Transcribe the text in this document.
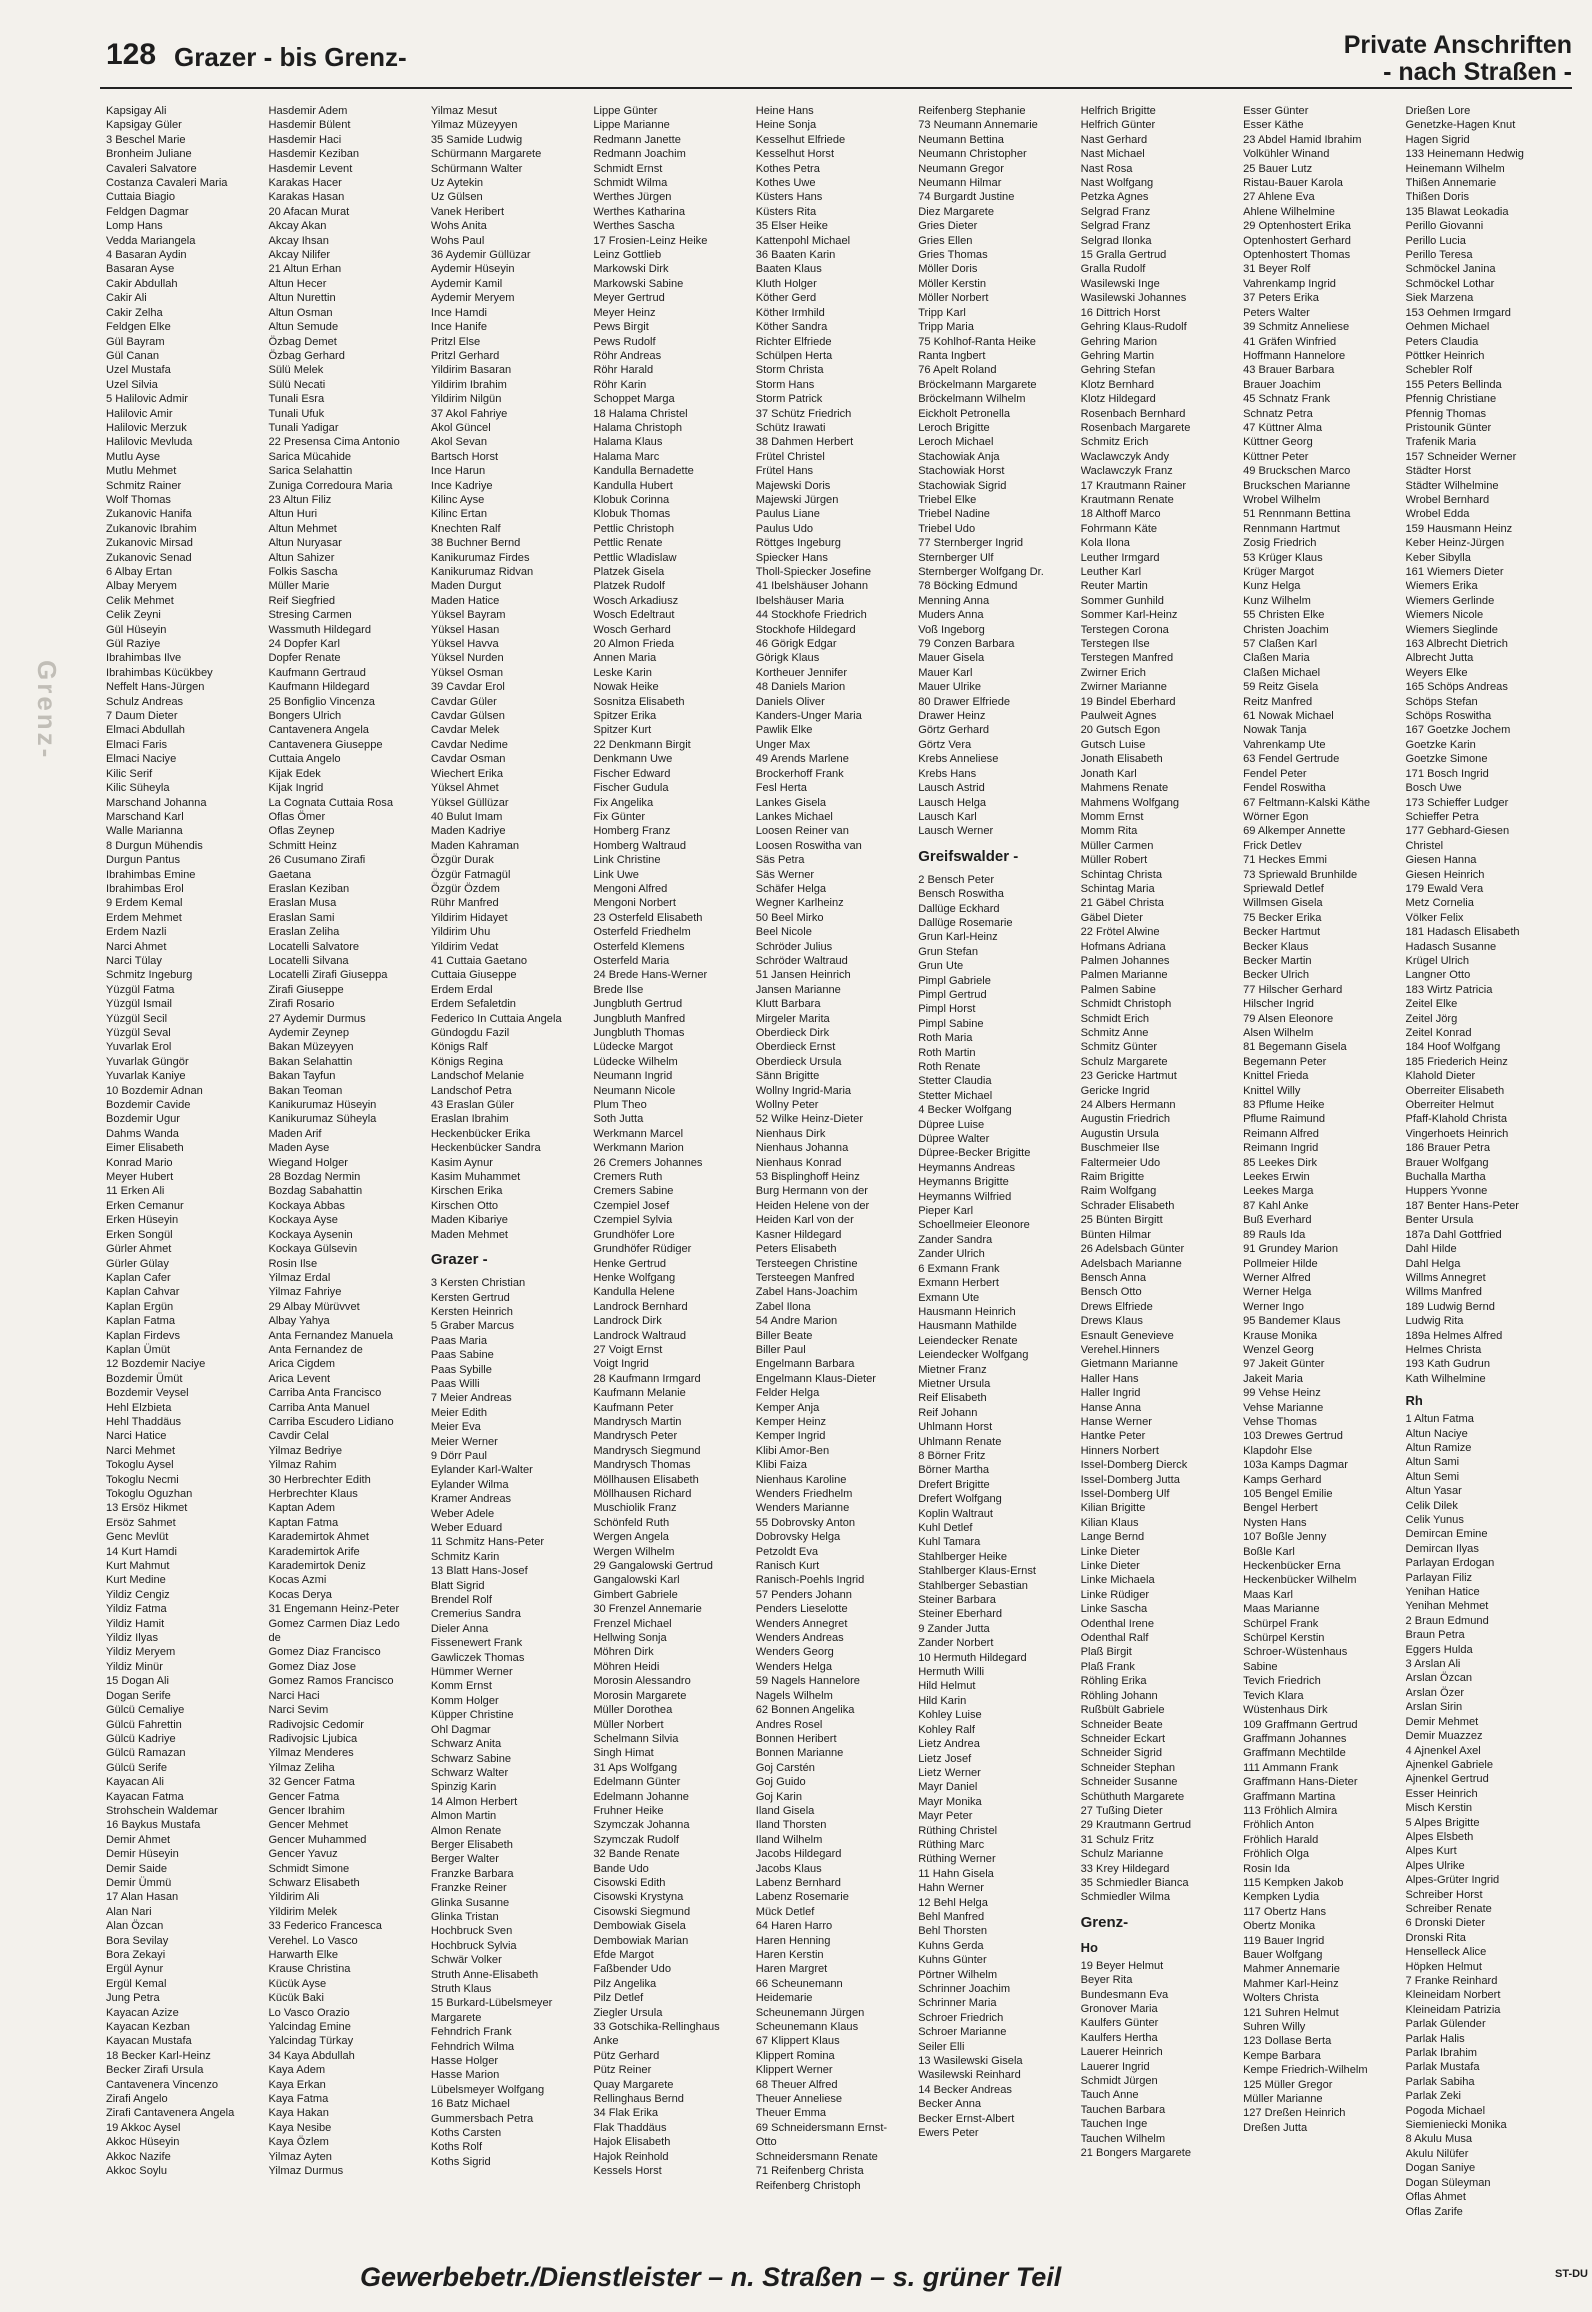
Grenz-
128 Grazer - bis Grenz-	Private Anschriften
- nach Straßen -
Kapsigay Ali
Kapsigay Güler
3 Beschel Marie
Bronheim Juliane
Cavaleri Salvatore
Costanza Cavaleri Maria
Cuttaia Biagio
Feldgen Dagmar
Lomp Hans
Vedda Mariangela
4 Basaran Aydin
Basaran Ayse
Cakir Abdullah
Cakir Ali
Cakir Zelha
Feldgen Elke
Gül Bayram
Gül Canan
Uzel Mustafa
Uzel Silvia
5 Halilovic Admir
Halilovic Amir
Halilovic Merzuk
Halilovic Mevluda
Mutlu Ayse
Mutlu Mehmet
Schmitz Rainer
Wolf Thomas
Zukanovic Hanifa
Zukanovic Ibrahim
Zukanovic Mirsad
Zukanovic Senad
6 Albay Ertan
Albay Meryem
Celik Mehmet
Celik Zeyni
Gül Hüseyin
Gül Raziye
Ibrahimbas Ilve
Ibrahimbas Kücükbey
Neffelt Hans-Jürgen
Schulz Andreas
7 Daum Dieter
Elmaci Abdullah
Elmaci Faris
Elmaci Naciye
Kilic Serif
Kilic Süheyla
Marschand Johanna
Marschand Karl
Walle Marianna
8 Durgun Mühendis
Durgun Pantus
Ibrahimbas Emine
Ibrahimbas Erol
9 Erdem Kemal
Erdem Mehmet
Erdem Nazli
Narci Ahmet
Narci Tülay
Schmitz Ingeburg
Yüzgül Fatma
Yüzgül Ismail
Yüzgül Secil
Yüzgül Seval
Yuvarlak Erol
Yuvarlak Güngör
Yuvarlak Kaniye
10 Bozdemir Adnan
Bozdemir Cavide
Bozdemir Ugur
Dahms Wanda
Eimer Elisabeth
Konrad Mario
Meyer Hubert
11 Erken Ali
Erken Cemanur
Erken Hüseyin
Erken Songül
Gürler Ahmet
Gürler Gülay
Kaplan Cafer
Kaplan Cahvar
Kaplan Ergün
Kaplan Fatma
Kaplan Firdevs
Kaplan Ümüt
12 Bozdemir Naciye
Bozdemir Ümüt
Bozdemir Veysel
Hehl Elzbieta
Hehl Thaddäus
Narci Hatice
Narci Mehmet
Tokoglu Aysel
Tokoglu Necmi
Tokoglu Oguzhan
13 Ersöz Hikmet
Ersöz Sahmet
Genc Mevlüt
14 Kurt Hamdi
Kurt Mahmut
Kurt Medine
Yildiz Cengiz
Yildiz Fatma
Yildiz Hamit
Yildiz Ilyas
Yildiz Meryem
Yildiz Minür
15 Dogan Ali
Dogan Serife
Gülcü Cemaliye
Gülcü Fahrettin
Gülcü Kadriye
Gülcü Ramazan
Gülcü Serife
Kayacan Ali
Kayacan Fatma
Strohschein Waldemar
16 Baykus Mustafa
Demir Ahmet
Demir Hüseyin
Demir Saide
Demir Ümmü
17 Alan Hasan
Alan Nari
Alan Özcan
Bora Sevilay
Bora Zekayi
Ergül Aynur
Ergül Kemal
Jung Petra
Kayacan Azize
Kayacan Kezban
Kayacan Mustafa
18 Becker Karl-Heinz
Becker Zirafi Ursula
Cantavenera Vincenzo
Zirafi Angelo
Zirafi Cantavenera Angela
19 Akkoc Aysel
Akkoc Hüseyin
Akkoc Nazife
Akkoc Soylu
Hasdemir Adem
Hasdemir Bülent
Hasdemir Haci
Hasdemir Keziban
Hasdemir Levent
Karakas Hacer
Karakas Hasan
20 Afacan Murat
Akcay Akan
Akcay Ihsan
Akcay Nilifer
21 Altun Erhan
Altun Hecer
Altun Nurettin
Altun Osman
Altun Semude
Özbag Demet
Özbag Gerhard
Sülü Melek
Sülü Necati
Tunali Esra
Tunali Ufuk
Tunali Yadigar
22 Presensa Cima Antonio
Sarica Mücahide
Sarica Selahattin
Zuniga Corredoura Maria
23 Altun Filiz
Altun Huri
Altun Mehmet
Altun Nuryasar
Altun Sahizer
Folkis Sascha
Müller Marie
Reif Siegfried
Stresing Carmen
Wassmuth Hildegard
24 Dopfer Karl
Dopfer Renate
Kaufmann Gertraud
Kaufmann Hildegard
25 Bonfiglio Vincenza
Bongers Ulrich
Cantavenera Angela
Cantavenera Giuseppe
Cuttaia Angelo
Kijak Edek
Kijak Ingrid
La Cognata Cuttaia Rosa
Oflas Ömer
Oflas Zeynep
Schmitt Heinz
26 Cusumano Zirafi
Gaetana
Eraslan Keziban
Eraslan Musa
Eraslan Sami
Eraslan Zeliha
Locatelli Salvatore
Locatelli Silvana
Locatelli Zirafi Giuseppa
Zirafi Giuseppe
Zirafi Rosario
27 Aydemir Durmus
Aydemir Zeynep
Bakan Müzeyyen
Bakan Selahattin
Bakan Tayfun
Bakan Teoman
Kanikurumaz Hüseyin
Kanikurumaz Süheyla
Maden Arif
Maden Ayse
Wiegand Holger
28 Bozdag Nermin
Bozdag Sabahattin
Kockaya Abbas
Kockaya Ayse
Kockaya Aysenin
Kockaya Gülsevin
Rosin Ilse
Yilmaz Erdal
Yilmaz Fahriye
29 Albay Mürüvvet
Albay Yahya
Anta Fernandez Manuela
Anta Fernandez de
Arica Cigdem
Arica Levent
Carriba Anta Francisco
Carriba Anta Manuel
Carriba Escudero Lidiano
Cavdir Celal
Yilmaz Bedriye
Yilmaz Rahim
30 Herbrechter Edith
Herbrechter Klaus
Kaptan Adem
Kaptan Fatma
Karademirtok Ahmet
Karademirtok Arife
Karademirtok Deniz
Kocas Azmi
Kocas Derya
31 Engemann Heinz-Peter
Gomez Carmen Diaz Ledo
de
Gomez Diaz Francisco
Gomez Diaz Jose
Gomez Ramos Francisco
Narci Haci
Narci Sevim
Radivojsic Cedomir
Radivojsic Ljubica
Yilmaz Menderes
Yilmaz Zeliha
32 Gencer Fatma
Gencer Fatma
Gencer Ibrahim
Gencer Mehmet
Gencer Muhammed
Gencer Yavuz
Schmidt Simone
Schwarz Elisabeth
Yildirim Ali
Yildirim Melek
33 Federico Francesca
Verehel. Lo Vasco
Harwarth Elke
Krause Christina
Kücük Ayse
Kücük Baki
Lo Vasco Orazio
Yalcindag Emine
Yalcindag Türkay
34 Kaya Abdullah
Kaya Adem
Kaya Erkan
Kaya Fatma
Kaya Hakan
Kaya Nesibe
Kaya Özlem
Yilmaz Ayten
Yilmaz Durmus
Yilmaz Mesut
Yilmaz Müzeyyen
35 Samide Ludwig
Schürmann Margarete
Schürmann Walter
Uz Aytekin
Uz Gülsen
Vanek Heribert
Wohs Anita
Wohs Paul
36 Aydemir Güllüzar
Aydemir Hüseyin
Aydemir Kamil
Aydemir Meryem
Ince Hamdi
Ince Hanife
Pritzl Else
Pritzl Gerhard
Yildirim Basaran
Yildirim Ibrahim
Yildirim Nilgün
37 Akol Fahriye
Akol Güncel
Akol Sevan
Bartsch Horst
Ince Harun
Ince Kadriye
Kilinc Ayse
Kilinc Ertan
Knechten Ralf
38 Buchner Bernd
Kanikurumaz Firdes
Kanikurumaz Ridvan
Maden Durgut
Maden Hatice
Yüksel Bayram
Yüksel Hasan
Yüksel Havva
Yüksel Nurden
Yüksel Osman
39 Cavdar Erol
Cavdar Güler
Cavdar Gülsen
Cavdar Melek
Cavdar Nedime
Cavdar Osman
Wiechert Erika
Yüksel Ahmet
Yüksel Güllüzar
40 Bulut Imam
Maden Kadriye
Maden Kahraman
Özgür Durak
Özgür Fatmagül
Özgür Özdem
Rühr Manfred
Yildirim Hidayet
Yildirim Uhu
Yildirim Vedat
41 Cuttaia Gaetano
Cuttaia Giuseppe
Erdem Erdal
Erdem Sefaletdin
Federico In Cuttaia Angela
Gündogdu Fazil
Königs Ralf
Königs Regina
Landschof Melanie
Landschof Petra
43 Eraslan Güler
Eraslan Ibrahim
Heckenbücker Erika
Heckenbücker Sandra
Kasim Aynur
Kasim Muhammet
Kirschen Erika
Kirschen Otto
Maden Kibariye
Maden Mehmet
Grazer -
3 Kersten Christian
Kersten Gertrud
Kersten Heinrich
5 Graber Marcus
Paas Maria
Paas Sabine
Paas Sybille
Paas Willi
7 Meier Andreas
Meier Edith
Meier Eva
Meier Werner
9 Dörr Paul
Eylander Karl-Walter
Eylander Wilma
Kramer Andreas
Weber Adele
Weber Eduard
11 Schmitz Hans-Peter
Schmitz Karin
13 Blatt Hans-Josef
Blatt Sigrid
Brendel Rolf
Cremerius Sandra
Dieler Anna
Fissenewert Frank
Gawliczek Thomas
Hümmer Werner
Komm Ernst
Komm Holger
Küpper Christine
Ohl Dagmar
Schwarz Anita
Schwarz Sabine
Schwarz Walter
Spinzig Karin
14 Almon Herbert
Almon Martin
Almon Renate
Berger Elisabeth
Berger Walter
Franzke Barbara
Franzke Reiner
Glinka Susanne
Glinka Tristan
Hochbruck Sven
Hochbruck Sylvia
Schwär Volker
Struth Anne-Elisabeth
Struth Klaus
15 Burkard-Lübelsmeyer
Margarete
Fehndrich Frank
Fehndrich Wilma
Hasse Holger
Hasse Marion
Lübelsmeyer Wolfgang
16 Batz Michael
Gummersbach Petra
Koths Carsten
Koths Rolf
Koths Sigrid
Lippe Günter
Lippe Marianne
Redmann Janette
Redmann Joachim
Schmidt Ernst
Schmidt Wilma
Werthes Jürgen
Werthes Katharina
Werthes Sascha
17 Frosien-Leinz Heike
Leinz Gottlieb
Markowski Dirk
Markowski Sabine
Meyer Gertrud
Meyer Heinz
Pews Birgit
Pews Rudolf
Röhr Andreas
Röhr Harald
Röhr Karin
Schoppet Marga
18 Halama Christel
Halama Christoph
Halama Klaus
Halama Marc
Kandulla Bernadette
Kandulla Hubert
Klobuk Corinna
Klobuk Thomas
Pettlic Christoph
Pettlic Renate
Pettlic Wladislaw
Platzek Gisela
Platzek Rudolf
Wosch Arkadiusz
Wosch Edeltraut
Wosch Gerhard
20 Almon Frieda
Annen Maria
Leske Karin
Nowak Heike
Sosnitza Elisabeth
Spitzer Erika
Spitzer Kurt
22 Denkmann Birgit
Denkmann Uwe
Fischer Edward
Fischer Gudula
Fix Angelika
Fix Günter
Homberg Franz
Homberg Waltraud
Link Christine
Link Uwe
Mengoni Alfred
Mengoni Norbert
23 Osterfeld Elisabeth
Osterfeld Friedhelm
Osterfeld Klemens
Osterfeld Maria
24 Brede Hans-Werner
Brede Ilse
Jungbluth Gertrud
Jungbluth Manfred
Jungbluth Thomas
Lüdecke Margot
Lüdecke Wilhelm
Neumann Ingrid
Neumann Nicole
Plum Theo
Soth Jutta
Werkmann Marcel
Werkmann Marion
26 Cremers Johannes
Cremers Ruth
Cremers Sabine
Czempiel Josef
Czempiel Sylvia
Grundhöfer Lore
Grundhöfer Rüdiger
Henke Gertrud
Henke Wolfgang
Kandulla Helene
Landrock Bernhard
Landrock Dirk
Landrock Waltraud
27 Voigt Ernst
Voigt Ingrid
28 Kaufmann Irmgard
Kaufmann Melanie
Kaufmann Peter
Mandrysch Martin
Mandrysch Peter
Mandrysch Siegmund
Mandrysch Thomas
Möllhausen Elisabeth
Möllhausen Richard
Muschiolik Franz
Schönfeld Ruth
Wergen Angela
Wergen Wilhelm
29 Gangalowski Gertrud
Gangalowski Karl
Gimbert Gabriele
30 Frenzel Annemarie
Frenzel Michael
Hellwing Sonja
Möhren Dirk
Möhren Heidi
Morosin Alessandro
Morosin Margarete
Müller Dorothea
Müller Norbert
Schelmann Silvia
Singh Himat
31 Aps Wolfgang
Edelmann Günter
Edelmann Johanne
Fruhner Heike
Szymczak Johanna
Szymczak Rudolf
32 Bande Renate
Bande Udo
Cisowski Edith
Cisowski Krystyna
Cisowski Siegmund
Dembowiak Gisela
Dembowiak Marian
Efde Margot
Faßbender Udo
Pilz Angelika
Pilz Detlef
Ziegler Ursula
33 Gotschika-Rellinghaus
Anke
Pütz Gerhard
Pütz Reiner
Quay Margarete
Rellinghaus Bernd
34 Flak Erika
Flak Thaddäus
Hajok Elisabeth
Hajok Reinhold
Kessels Horst
Heine Hans
Heine Sonja
Kesselhut Elfriede
Kesselhut Horst
Kothes Petra
Kothes Uwe
Küsters Hans
Küsters Rita
35 Elser Heike
Kattenpohl Michael
36 Baaten Karin
Baaten Klaus
Kluth Holger
Köther Gerd
Köther Irmhild
Köther Sandra
Richter Elfriede
Schülpen Herta
Storm Christa
Storm Hans
Storm Patrick
37 Schütz Friedrich
Schütz Irawati
38 Dahmen Herbert
Frütel Christel
Frütel Hans
Majewski Doris
Majewski Jürgen
Paulus Liane
Paulus Udo
Röttges Ingeburg
Spiecker Hans
Tholl-Spiecker Josefine
41 Ibelshäuser Johann
Ibelshäuser Maria
44 Stockhofe Friedrich
Stockhofe Hildegard
46 Görigk Edgar
Görigk Klaus
Kortheuer Jennifer
48 Daniels Marion
Daniels Oliver
Kanders-Unger Maria
Pawlik Elke
Unger Max
49 Arends Marlene
Brockerhoff Frank
Fesl Herta
Lankes Gisela
Lankes Michael
Loosen Reiner van
Loosen Roswitha van
Säs Petra
Säs Werner
Schäfer Helga
Wegner Karlheinz
50 Beel Mirko
Beel Nicole
Schröder Julius
Schröder Waltraud
51 Jansen Heinrich
Jansen Marianne
Klutt Barbara
Mirgeler Marita
Oberdieck Dirk
Oberdieck Ernst
Oberdieck Ursula
Sänn Brigitte
Wollny Ingrid-Maria
Wollny Peter
52 Wilke Heinz-Dieter
Nienhaus Dirk
Nienhaus Johanna
Nienhaus Konrad
53 Bisplinghoff Heinz
Burg Hermann von der
Heiden Helene von der
Heiden Karl von der
Kasner Hildegard
Peters Elisabeth
Tersteegen Christine
Tersteegen Manfred
Zabel Hans-Joachim
Zabel Ilona
54 Andre Marion
Biller Beate
Biller Paul
Engelmann Barbara
Engelmann Klaus-Dieter
Felder Helga
Kemper Anja
Kemper Heinz
Kemper Ingrid
Klibi Amor-Ben
Klibi Faiza
Nienhaus Karoline
Wenders Friedhelm
Wenders Marianne
55 Dobrovsky Anton
Dobrovsky Helga
Petzoldt Eva
Ranisch Kurt
Ranisch-Poehls Ingrid
57 Penders Johann
Penders Lieselotte
Wenders Annegret
Wenders Andreas
Wenders Georg
Wenders Helga
59 Nagels Hannelore
Nagels Wilhelm
62 Bonnen Angelika
Andres Rosel
Bonnen Heribert
Bonnen Marianne
Goj Carstén
Goj Guido
Goj Karin
Iland Gisela
Iland Thorsten
Iland Wilhelm
Jacobs Hildegard
Jacobs Klaus
Labenz Bernhard
Labenz Rosemarie
Mück Detlef
64 Haren Harro
Haren Henning
Haren Kerstin
Haren Margret
66 Scheunemann
Heidemarie
Scheunemann Jürgen
Scheunemann Klaus
67 Klippert Klaus
Klippert Romina
Klippert Werner
68 Theuer Alfred
Theuer Anneliese
Theuer Emma
69 Schneidersmann Ernst-
Otto
Schneidersmann Renate
71 Reifenberg Christa
Reifenberg Christoph
Reifenberg Stephanie
73 Neumann Annemarie
Neumann Bettina
Neumann Christopher
Neumann Gregor
Neumann Hilmar
74 Burgardt Justine
Diez Margarete
Gries Dieter
Gries Ellen
Gries Thomas
Möller Doris
Möller Kerstin
Möller Norbert
Tripp Karl
Tripp Maria
75 Kohlhof-Ranta Heike
Ranta Ingbert
76 Apelt Roland
Bröckelmann Margarete
Bröckelmann Wilhelm
Eickholt Petronella
Leroch Brigitte
Leroch Michael
Stachowiak Anja
Stachowiak Horst
Stachowiak Sigrid
Triebel Elke
Triebel Nadine
Triebel Udo
77 Sternberger Ingrid
Sternberger Ulf
Sternberger Wolfgang Dr.
78 Böcking Edmund
Menning Anna
Muders Anna
Voß Ingeborg
79 Conzen Barbara
Mauer Gisela
Mauer Karl
Mauer Ulrike
80 Drawer Elfriede
Drawer Heinz
Görtz Gerhard
Görtz Vera
Krebs Anneliese
Krebs Hans
Lausch Astrid
Lausch Helga
Lausch Karl
Lausch Werner
Greifswalder -
2 Bensch Peter
Bensch Roswitha
Dallüge Eckhard
Dallüge Rosemarie
Grun Karl-Heinz
Grun Stefan
Grun Ute
Pimpl Gabriele
Pimpl Gertrud
Pimpl Horst
Pimpl Sabine
Roth Maria
Roth Martin
Roth Renate
Stetter Claudia
Stetter Michael
4 Becker Wolfgang
Düpree Luise
Düpree Walter
Düpree-Becker Brigitte
Heymanns Andreas
Heymanns Brigitte
Heymanns Wilfried
Pieper Karl
Schoellmeier Eleonore
Zander Sandra
Zander Ulrich
6 Exmann Frank
Exmann Herbert
Exmann Ute
Hausmann Heinrich
Hausmann Mathilde
Leiendecker Renate
Leiendecker Wolfgang
Mietner Franz
Mietner Ursula
Reif Elisabeth
Reif Johann
Uhlmann Horst
Uhlmann Renate
8 Börner Fritz
Börner Martha
Drefert Brigitte
Drefert Wolfgang
Koplin Waltraut
Kuhl Detlef
Kuhl Tamara
Stahlberger Heike
Stahlberger Klaus-Ernst
Stahlberger Sebastian
Steiner Barbara
Steiner Eberhard
9 Zander Jutta
Zander Norbert
10 Hermuth Hildegard
Hermuth Willi
Hild Helmut
Hild Karin
Kohley Luise
Kohley Ralf
Lietz Andrea
Lietz Josef
Lietz Werner
Mayr Daniel
Mayr Monika
Mayr Peter
Rüthing Christel
Rüthing Marc
Rüthing Werner
11 Hahn Gisela
Hahn Werner
12 Behl Helga
Behl Manfred
Behl Thorsten
Kuhns Gerda
Kuhns Günter
Pörtner Wilhelm
Schrinner Joachim
Schrinner Maria
Schroer Friedrich
Schroer Marianne
Seiler Elli
13 Wasilewski Gisela
Wasilewski Reinhard
14 Becker Andreas
Becker Anna
Becker Ernst-Albert
Ewers Peter
Helfrich Brigitte
Helfrich Günter
Nast Gerhard
Nast Michael
Nast Rosa
Nast Wolfgang
Petzka Agnes
Selgrad Franz
Selgrad Franz
Selgrad Ilonka
15 Gralla Gertrud
Gralla Rudolf
Wasilewski Inge
Wasilewski Johannes
16 Dittrich Horst
Gehring Klaus-Rudolf
Gehring Marion
Gehring Martin
Gehring Stefan
Klotz Bernhard
Klotz Hildegard
Rosenbach Bernhard
Rosenbach Margarete
Schmitz Erich
Waclawczyk Andy
Waclawczyk Franz
17 Krautmann Rainer
Krautmann Renate
18 Althoff Marco
Fohrmann Käte
Kola Ilona
Leuther Irmgard
Leuther Karl
Reuter Martin
Sommer Gunhild
Sommer Karl-Heinz
Terstegen Corona
Terstegen Ilse
Terstegen Manfred
Zwirner Erich
Zwirner Marianne
19 Bindel Eberhard
Paulweit Agnes
20 Gutsch Egon
Gutsch Luise
Jonath Elisabeth
Jonath Karl
Mahmens Renate
Mahmens Wolfgang
Momm Ernst
Momm Rita
Müller Carmen
Müller Robert
Schintag Christa
Schintag Maria
21 Gäbel Christa
Gäbel Dieter
22 Frötel Alwine
Hofmans Adriana
Palmen Johannes
Palmen Marianne
Palmen Sabine
Schmidt Christoph
Schmidt Erich
Schmitz Anne
Schmitz Günter
Schulz Margarete
23 Gericke Hartmut
Gericke Ingrid
24 Albers Hermann
Augustin Friedrich
Augustin Ursula
Buschmeier Ilse
Faltermeier Udo
Raim Brigitte
Raim Wolfgang
Schrader Elisabeth
25 Bünten Birgitt
Bünten Hilmar
26 Adelsbach Günter
Adelsbach Marianne
Bensch Anna
Bensch Otto
Drews Elfriede
Drews Klaus
Esnault Genevieve
Verehel.Hinners
Gietmann Marianne
Haller Hans
Haller Ingrid
Hanse Anna
Hanse Werner
Hantke Peter
Hinners Norbert
Issel-Domberg Dierck
Issel-Domberg Jutta
Issel-Domberg Ulf
Kilian Brigitte
Kilian Klaus
Lange Bernd
Linke Dieter
Linke Dieter
Linke Michaela
Linke Rüdiger
Linke Sascha
Odenthal Irene
Odenthal Ralf
Plaß Birgit
Plaß Frank
Röhling Erika
Röhling Johann
Rußbült Gabriele
Schneider Beate
Schneider Eckart
Schneider Sigrid
Schneider Stephan
Schneider Susanne
Schüthuth Margarete
27 Tußing Dieter
29 Krautmann Gertrud
31 Schulz Fritz
Schulz Marianne
33 Krey Hildegard
35 Schmiedler Bianca
Schmiedler Wilma
Grenz-
Ho
19 Beyer Helmut
Beyer Rita
Bundesmann Eva
Gronover Maria
Kaulfers Günter
Kaulfers Hertha
Lauerer Heinrich
Lauerer Ingrid
Schmidt Jürgen
Tauch Anne
Tauchen Barbara
Tauchen Inge
Tauchen Wilhelm
21 Bongers Margarete
Esser Günter
Esser Käthe
23 Abdel Hamid Ibrahim
Volkühler Winand
25 Bauer Lutz
Ristau-Bauer Karola
27 Ahlene Eva
Ahlene Wilhelmine
29 Optenhostert Erika
Optenhostert Gerhard
Optenhostert Thomas
31 Beyer Rolf
Vahrenkamp Ingrid
37 Peters Erika
Peters Walter
39 Schmitz Anneliese
41 Gräfen Winfried
Hoffmann Hannelore
43 Brauer Barbara
Brauer Joachim
45 Schnatz Frank
Schnatz Petra
47 Küttner Alma
Küttner Georg
Küttner Peter
49 Bruckschen Marco
Bruckschen Marianne
Wrobel Wilhelm
51 Rennmann Bettina
Rennmann Hartmut
Zosig Friedrich
53 Krüger Klaus
Krüger Margot
Kunz Helga
Kunz Wilhelm
55 Christen Elke
Christen Joachim
57 Claßen Karl
Claßen Maria
Claßen Michael
59 Reitz Gisela
Reitz Manfred
61 Nowak Michael
Nowak Tanja
Vahrenkamp Ute
63 Fendel Gertrude
Fendel Peter
Fendel Roswitha
67 Feltmann-Kalski Käthe
Wörner Egon
69 Alkemper Annette
Frick Detlev
71 Heckes Emmi
73 Spriewald Brunhilde
Spriewald Detlef
Willmsen Gisela
75 Becker Erika
Becker Hartmut
Becker Klaus
Becker Martin
Becker Ulrich
77 Hilscher Gerhard
Hilscher Ingrid
79 Alsen Eleonore
Alsen Wilhelm
81 Begemann Gisela
Begemann Peter
Knittel Frieda
Knittel Willy
83 Pflume Heike
Pflume Raimund
Reimann Alfred
Reimann Ingrid
85 Leekes Dirk
Leekes Erwin
Leekes Marga
87 Kahl Anke
Buß Everhard
89 Rauls Ida
91 Grundey Marion
Pollmeier Hilde
Werner Alfred
Werner Helga
Werner Ingo
95 Bandemer Klaus
Krause Monika
Wenzel Georg
97 Jakeit Günter
Jakeit Maria
99 Vehse Heinz
Vehse Marianne
Vehse Thomas
103 Drewes Gertrud
Klapdohr Else
103a Kamps Dagmar
Kamps Gerhard
105 Bengel Emilie
Bengel Herbert
Nysten Hans
107 Boßle Jenny
Boßle Karl
Heckenbücker Erna
Heckenbücker Wilhelm
Maas Karl
Maas Marianne
Schürpel Frank
Schürpel Kerstin
Schroer-Wüstenhaus
Sabine
Tevich Friedrich
Tevich Klara
Wüstenhaus Dirk
109 Graffmann Gertrud
Graffmann Johannes
Graffmann Mechtilde
111 Ammann Frank
Graffmann Hans-Dieter
Graffmann Martina
113 Fröhlich Almira
Fröhlich Anton
Fröhlich Harald
Fröhlich Olga
Rosin Ida
115 Kempken Jakob
Kempken Lydia
117 Obertz Hans
Obertz Monika
119 Bauer Ingrid
Bauer Wolfgang
Mahmer Annemarie
Mahmer Karl-Heinz
Wolters Christa
121 Suhren Helmut
Suhren Willy
123 Dollase Berta
Kempe Barbara
Kempe Friedrich-Wilhelm
125 Müller Gregor
Müller Marianne
127 Dreßen Heinrich
Dreßen Jutta
Drießen Lore
Genetzke-Hagen Knut
Hagen Sigrid
133 Heinemann Hedwig
Heinemann Wilhelm
Thißen Annemarie
Thißen Doris
135 Blawat Leokadia
Perillo Giovanni
Perillo Lucia
Perillo Teresa
Schmöckel Janina
Schmöckel Lothar
Siek Marzena
153 Oehmen Irmgard
Oehmen Michael
Peters Claudia
Pöttker Heinrich
Schebler Rolf
155 Peters Bellinda
Pfennig Christiane
Pfennig Thomas
Pristounik Günter
Trafenik Maria
157 Schneider Werner
Städter Horst
Städter Wilhelmine
Wrobel Bernhard
Wrobel Edda
159 Hausmann Heinz
Keber Heinz-Jürgen
Keber Sibylla
161 Wiemers Dieter
Wiemers Erika
Wiemers Gerlinde
Wiemers Nicole
Wiemers Sieglinde
163 Albrecht Dietrich
Albrecht Jutta
Weyers Elke
165 Schöps Andreas
Schöps Stefan
Schöps Roswitha
167 Goetzke Jochem
Goetzke Karin
Goetzke Simone
171 Bosch Ingrid
Bosch Uwe
173 Schieffer Ludger
Schieffer Petra
177 Gebhard-Giesen
Christel
Giesen Hanna
Giesen Heinrich
179 Ewald Vera
Metz Cornelia
Völker Felix
181 Hadasch Elisabeth
Hadasch Susanne
Krügel Ulrich
Langner Otto
183 Wirtz Patricia
Zeitel Elke
Zeitel Jörg
Zeitel Konrad
184 Hoof Wolfgang
185 Friederich Heinz
Klahold Dieter
Oberreiter Elisabeth
Oberreiter Helmut
Pfaff-Klahold Christa
Vingerhoets Heinrich
186 Brauer Petra
Brauer Wolfgang
Buchalla Martha
Huppers Yvonne
187 Benter Hans-Peter
Benter Ursula
187a Dahl Gottfried
Dahl Hilde
Dahl Helga
Willms Annegret
Willms Manfred
189 Ludwig Bernd
Ludwig Rita
189a Helmes Alfred
Helmes Christa
193 Kath Gudrun
Kath Wilhelmine
Rh
1 Altun Fatma
Altun Naciye
Altun Ramize
Altun Sami
Altun Semi
Altun Yasar
Celik Dilek
Celik Yunus
Demircan Emine
Demircan Ilyas
Parlayan Erdogan
Parlayan Filiz
Yenihan Hatice
Yenihan Mehmet
2 Braun Edmund
Braun Petra
Eggers Hulda
3 Arslan Ali
Arslan Özcan
Arslan Özer
Arslan Sirin
Demir Mehmet
Demir Muazzez
4 Ajnenkel Axel
Ajnenkel Gabriele
Ajnenkel Gertrud
Esser Heinrich
Misch Kerstin
5 Alpes Brigitte
Alpes Elsbeth
Alpes Kurt
Alpes Ulrike
Alpes-Grüter Ingrid
Schreiber Horst
Schreiber Renate
6 Dronski Dieter
Dronski Rita
Henselleck Alice
Höpken Helmut
7 Franke Reinhard
Kleineidam Norbert
Kleineidam Patrizia
Parlak Gülender
Parlak Halis
Parlak Ibrahim
Parlak Mustafa
Parlak Sabiha
Parlak Zeki
Pogoda Michael
Siemieniecki Monika
8 Akulu Musa
Akulu Nilüfer
Dogan Saniye
Dogan Süleyman
Oflas Ahmet
Oflas Zarife
Gewerbebetr./Dienstleister – n. Straßen – s. grüner Teil	ST-DU
